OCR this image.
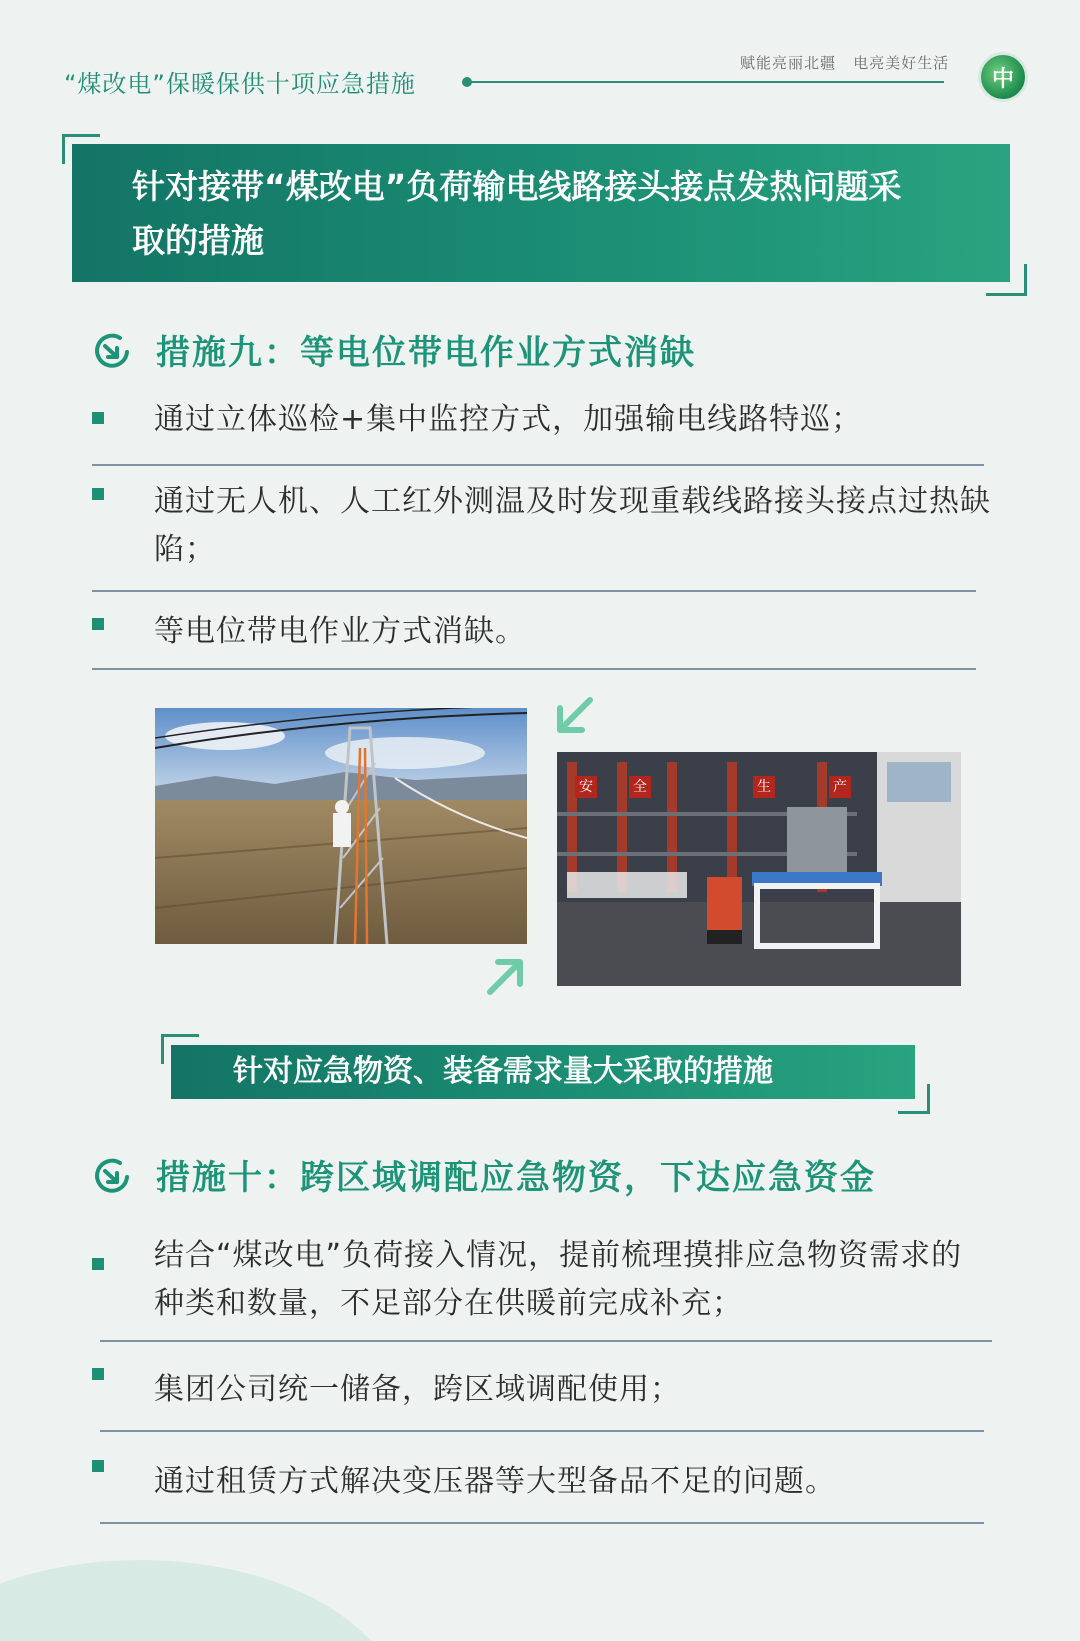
“煤改电”保暖保供十项应急措施
赋能亮丽北疆   电亮美好生活
中
针对接带“煤改电”负荷输电线路接头接点发热问题采
取的措施
措施九：等电位带电作业方式消缺
通过立体巡检+集中监控方式，加强输电线路特巡；
通过无人机、人工红外测温及时发现重载线路接头接点过热缺陷；
等电位带电作业方式消缺。
安	全	生	产
针对应急物资、装备需求量大采取的措施
措施十：跨区域调配应急物资，下达应急资金
结合“煤改电”负荷接入情况，提前梳理摸排应急物资需求的种类和数量，不足部分在供暖前完成补充；
集团公司统一储备，跨区域调配使用；
通过租赁方式解决变压器等大型备品不足的问题。
